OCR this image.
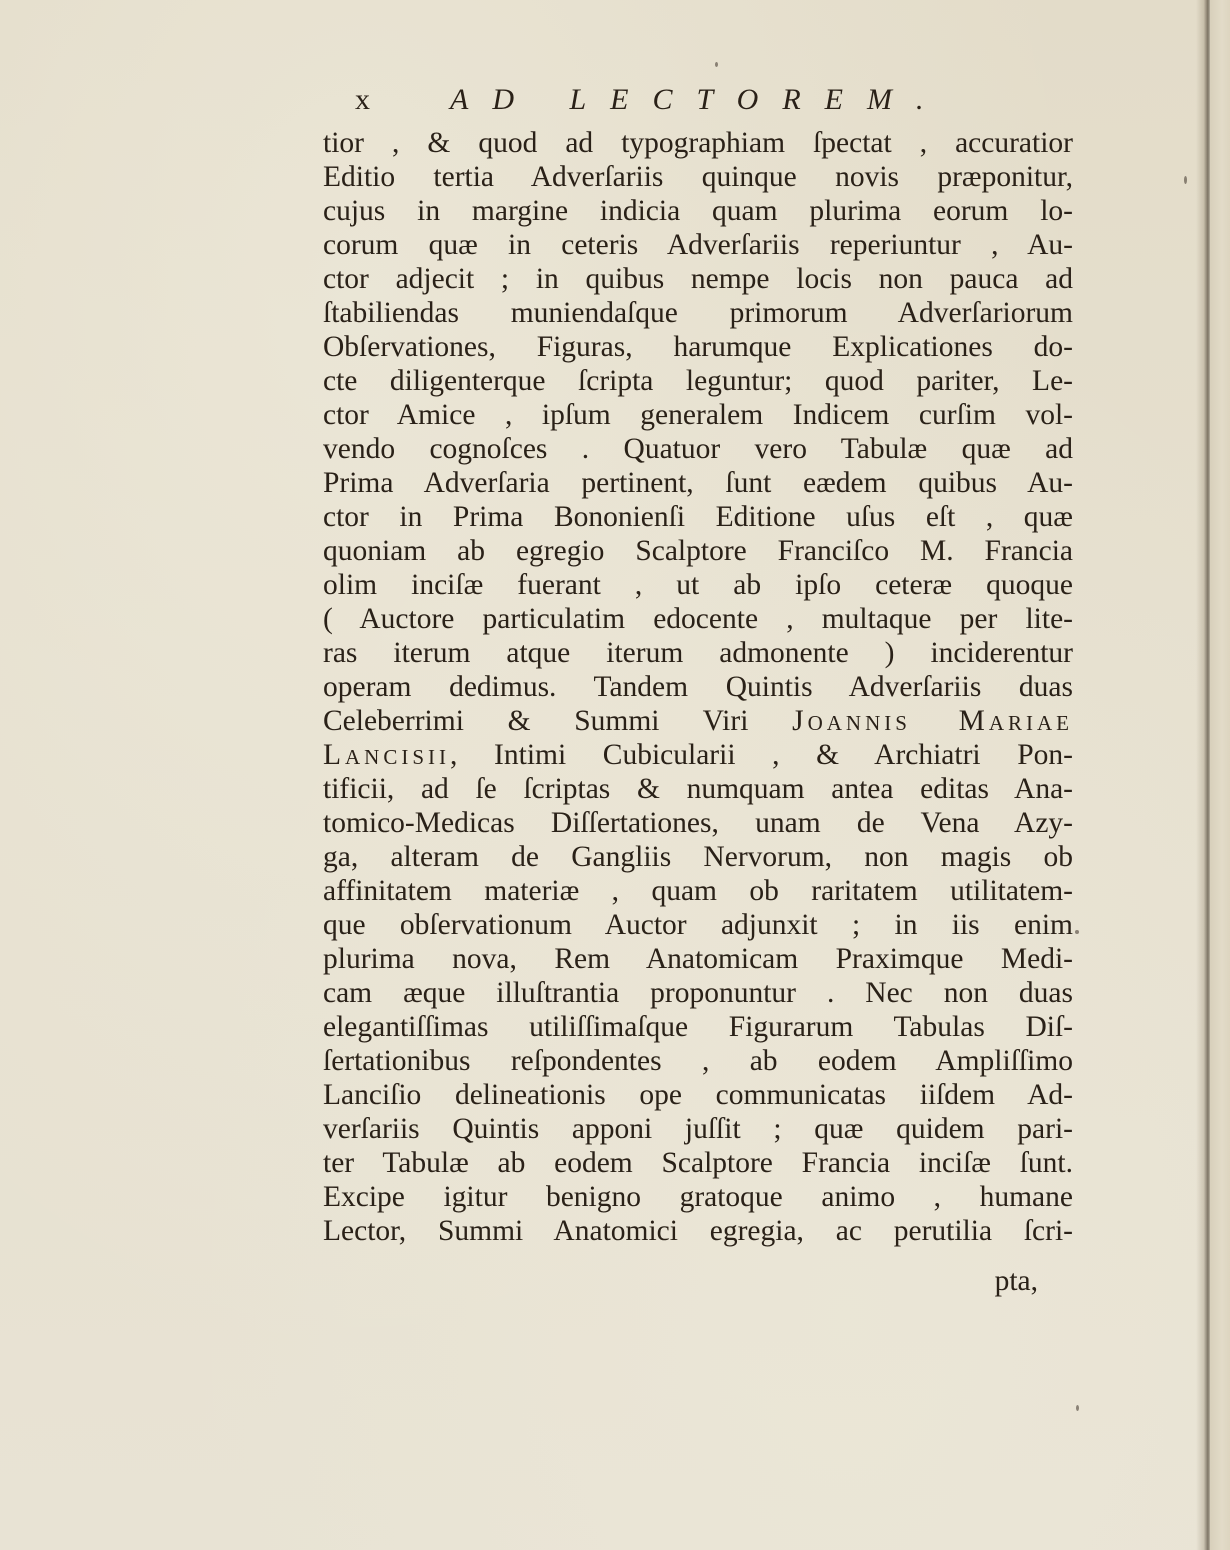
x	AD LECTOREM.
tior , & quod ad typographiam ſpectat , accuratior
Editio tertia Adverſariis quinque novis præponitur,
cujus in margine indicia quam plurima eorum lo-
corum quæ in ceteris Adverſariis reperiuntur , Au-
ctor adjecit ; in quibus nempe locis non pauca ad
ſtabiliendas muniendaſque primorum Adverſariorum
Obſervationes, Figuras, harumque Explicationes do-
cte diligenterque ſcripta leguntur; quod pariter, Le-
ctor Amice , ipſum generalem Indicem curſim vol-
vendo cognoſces . Quatuor vero Tabulæ quæ ad
Prima Adverſaria pertinent, ſunt eædem quibus Au-
ctor in Prima Bononienſi Editione uſus eſt , quæ
quoniam ab egregio Scalptore Franciſco M. Francia
olim inciſæ fuerant , ut ab ipſo ceteræ quoque
( Auctore particulatim edocente , multaque per lite-
ras iterum atque iterum admonente ) inciderentur
operam dedimus. Tandem Quintis Adverſariis duas
Celeberrimi & Summi Viri Joannis Mariae
Lancisii, Intimi Cubicularii , & Archiatri Pon-
tificii, ad ſe ſcriptas & numquam antea editas Ana-
tomico-Medicas Diſſertationes, unam de Vena Azy-
ga, alteram de Gangliis Nervorum, non magis ob
affinitatem materiæ , quam ob raritatem utilitatem-
que obſervationum Auctor adjunxit ; in iis enim
plurima nova, Rem Anatomicam Praximque Medi-
cam æque illuſtrantia proponuntur . Nec non duas
elegantiſſimas utiliſſimaſque Figurarum Tabulas Diſ-
ſertationibus reſpondentes , ab eodem Ampliſſimo
Lanciſio delineationis ope communicatas iiſdem Ad-
verſariis Quintis apponi juſſit ; quæ quidem pari-
ter Tabulæ ab eodem Scalptore Francia inciſæ ſunt.
Excipe igitur benigno gratoque animo , humane
Lector, Summi Anatomici egregia, ac perutilia ſcri-
pta,
